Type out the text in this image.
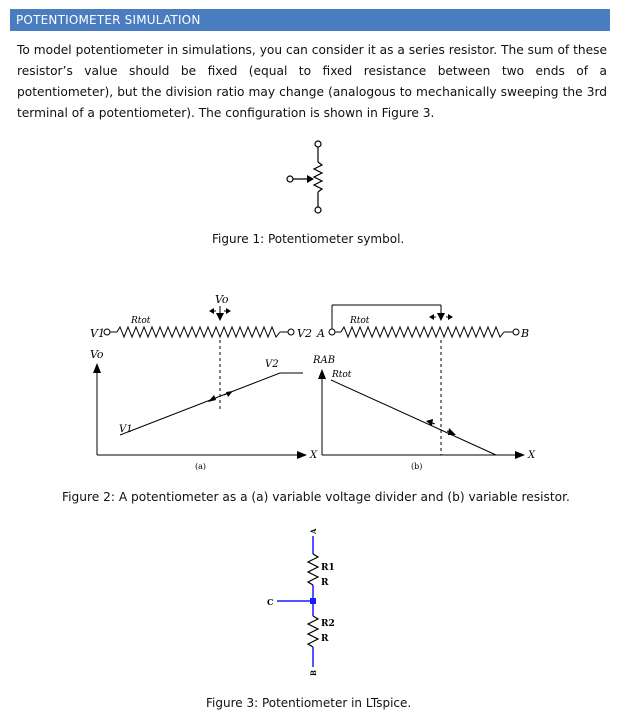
POTENTIOMETER SIMULATION
To model potentiometer in simulations, you can consider it as a series resistor. The sum of these resistor’s value should be fixed (equal to fixed resistance between two ends of a potentiometer), but the division ratio may change (analogous to mechanically sweeping the 3rd terminal of a potentiometer). The configuration is shown in Figure 3.
Figure 1: Potentiometer symbol.
Vo
V1	V2
Rtot
Vo
X
V2
V1
(a)
A	B
Rtot
RAB
X
Rtot
(b)
Figure 2: A potentiometer as a (a) variable voltage divider and (b) variable resistor.
A
C
B
R1
R
R2
R
Figure 3: Potentiometer in LTspice.
